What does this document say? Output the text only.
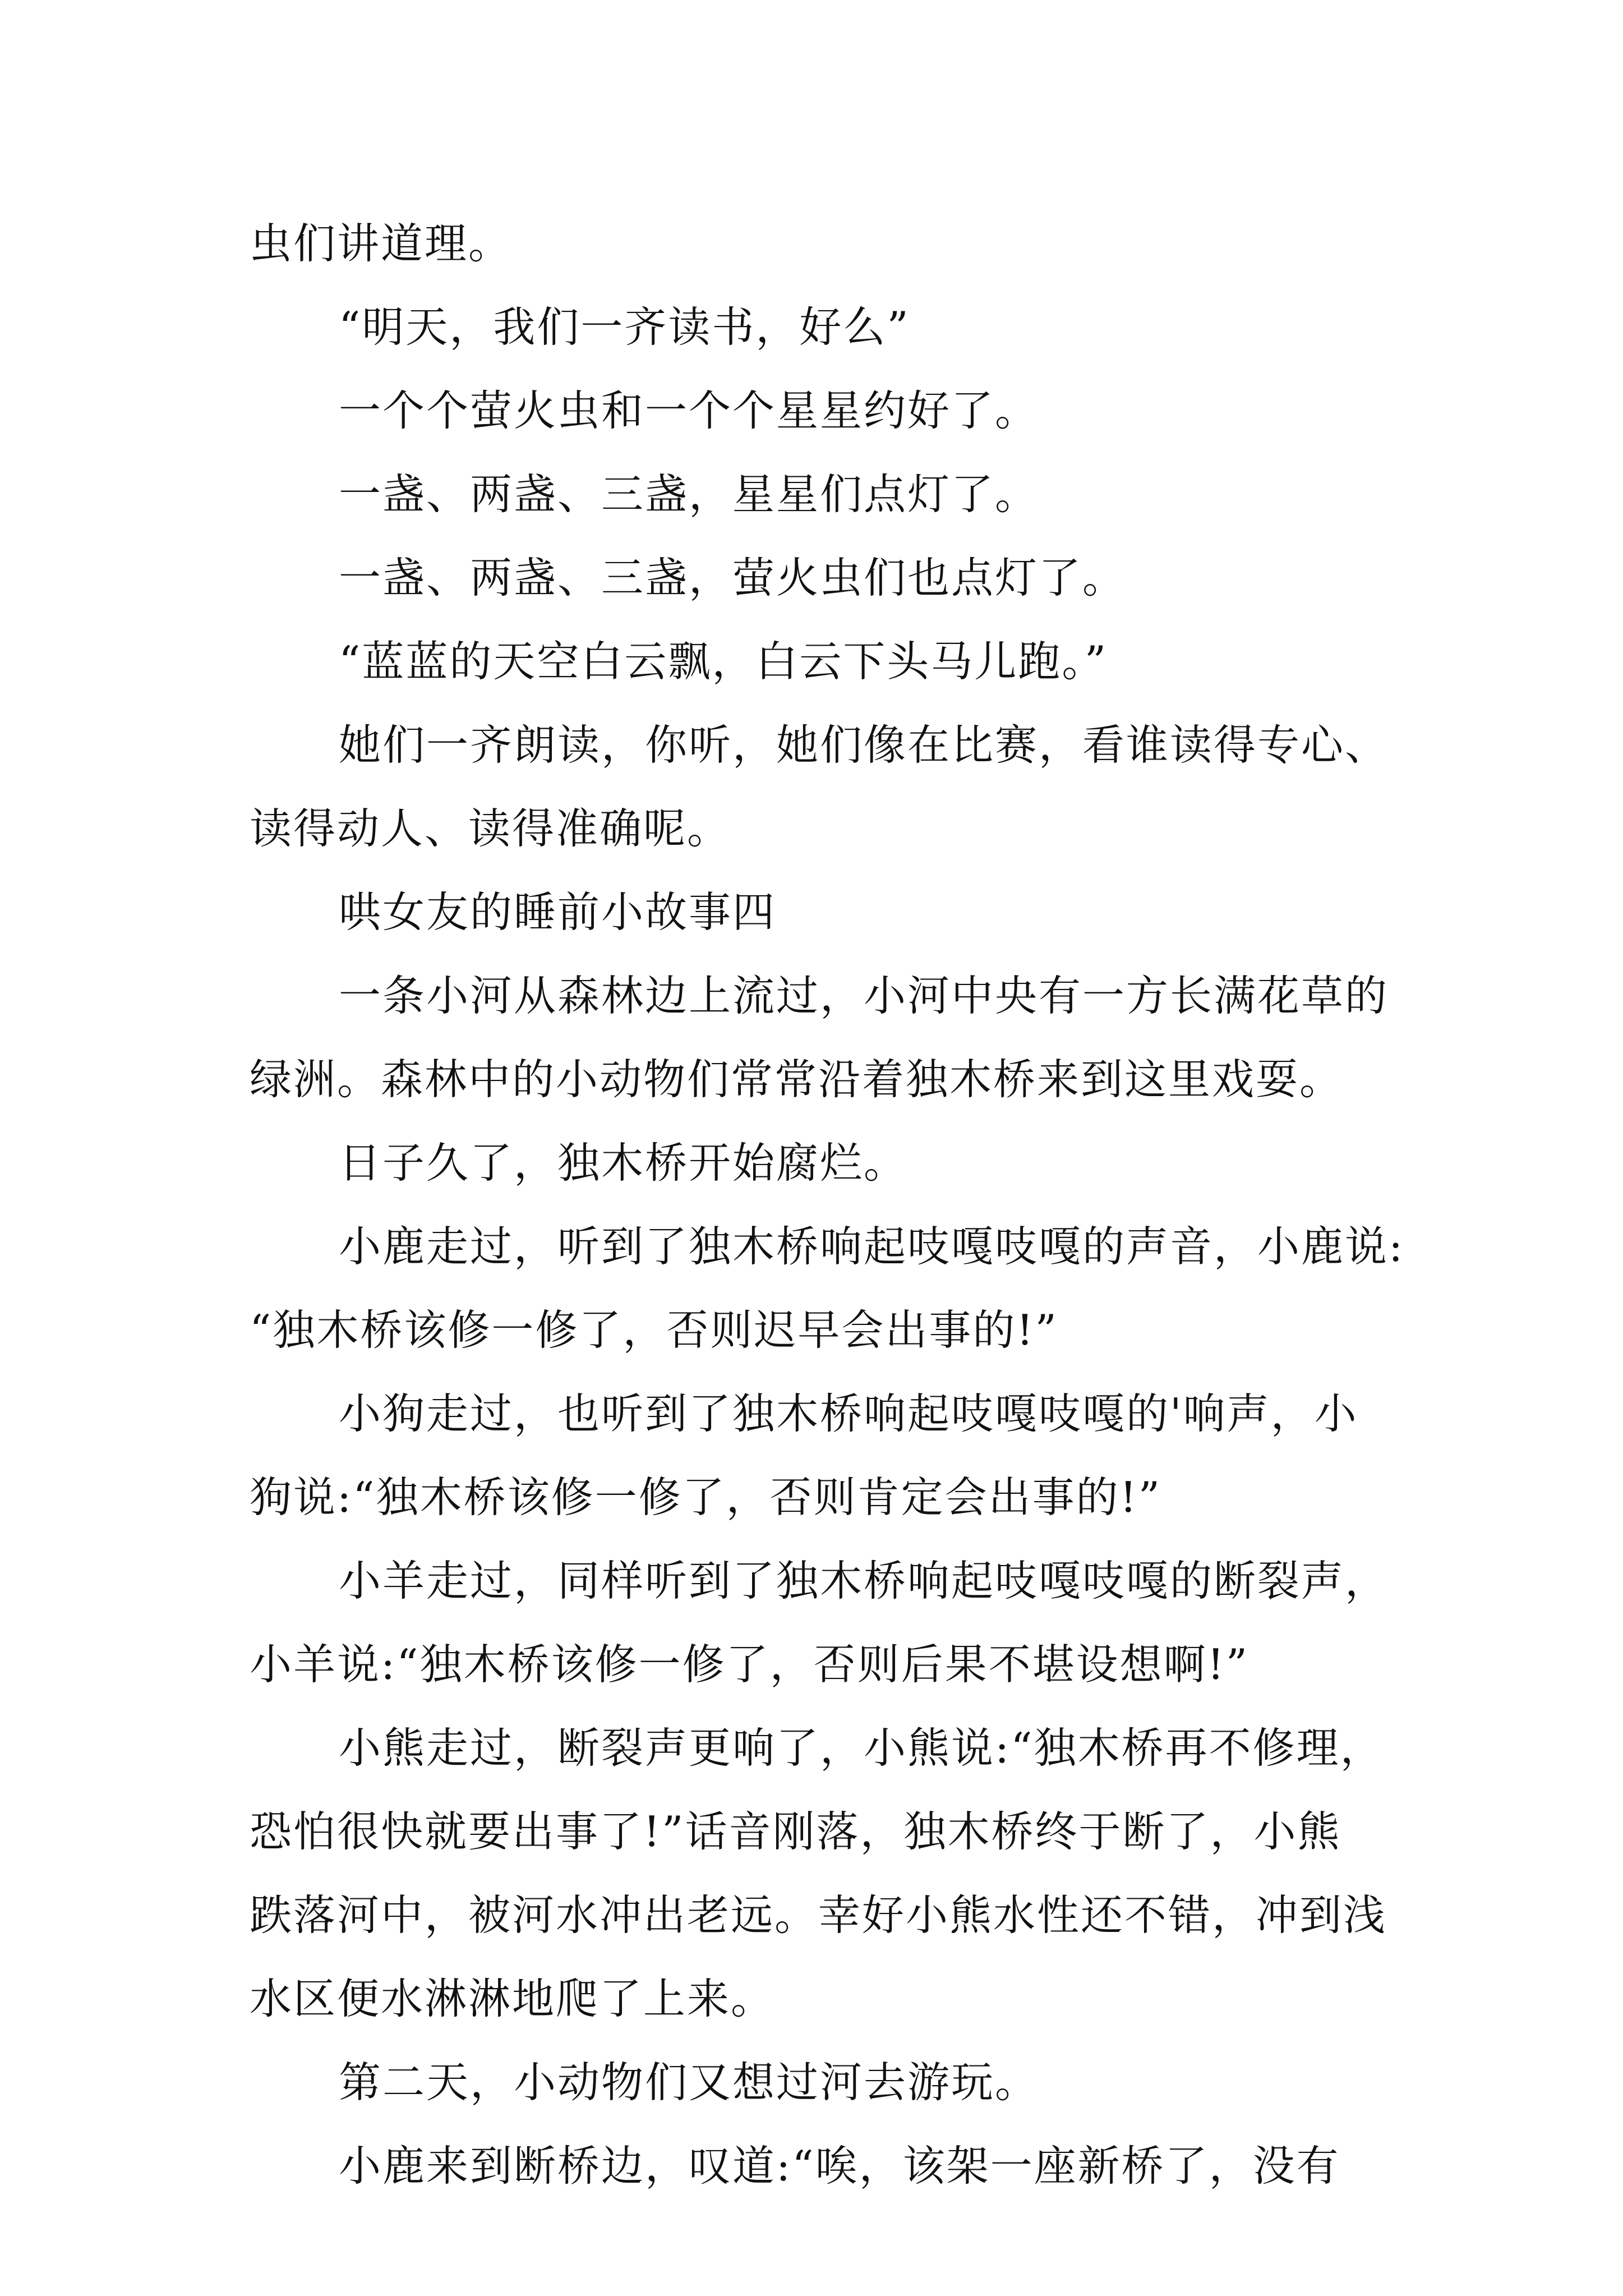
虫们讲道理。

“明天，我们一齐读书，好么”

一个个萤火虫和一个个星星约好了。

一盏、两盏、三盏，星星们点灯了。

一盏、两盏、三盏，萤火虫们也点灯了。

“蓝蓝的天空白云飘，白云下头马儿跑。”

她们一齐朗读，你听，她们像在比赛，看谁读得专心、

读得动人、读得准确呢。

哄女友的睡前小故事四

一条小河从森林边上流过，小河中央有一方长满花草的

绿洲。森林中的小动物们常常沿着独木桥来到这里戏耍。

日子久了，独木桥开始腐烂。

小鹿走过，听到了独木桥响起吱嘎吱嘎的声音，小鹿说:

“独木桥该修一修了，否则迟早会出事的!”

小狗走过，也听到了独木桥响起吱嘎吱嘎的'响声，小

狗说:“独木桥该修一修了，否则肯定会出事的!”

小羊走过，同样听到了独木桥响起吱嘎吱嘎的断裂声，

小羊说:“独木桥该修一修了，否则后果不堪设想啊!”

小熊走过，断裂声更响了，小熊说:“独木桥再不修理，

恐怕很快就要出事了!”话音刚落，独木桥终于断了，小熊

跌落河中，被河水冲出老远。幸好小熊水性还不错，冲到浅

水区便水淋淋地爬了上来。

第二天，小动物们又想过河去游玩。

小鹿来到断桥边，叹道:“唉，该架一座新桥了，没有
